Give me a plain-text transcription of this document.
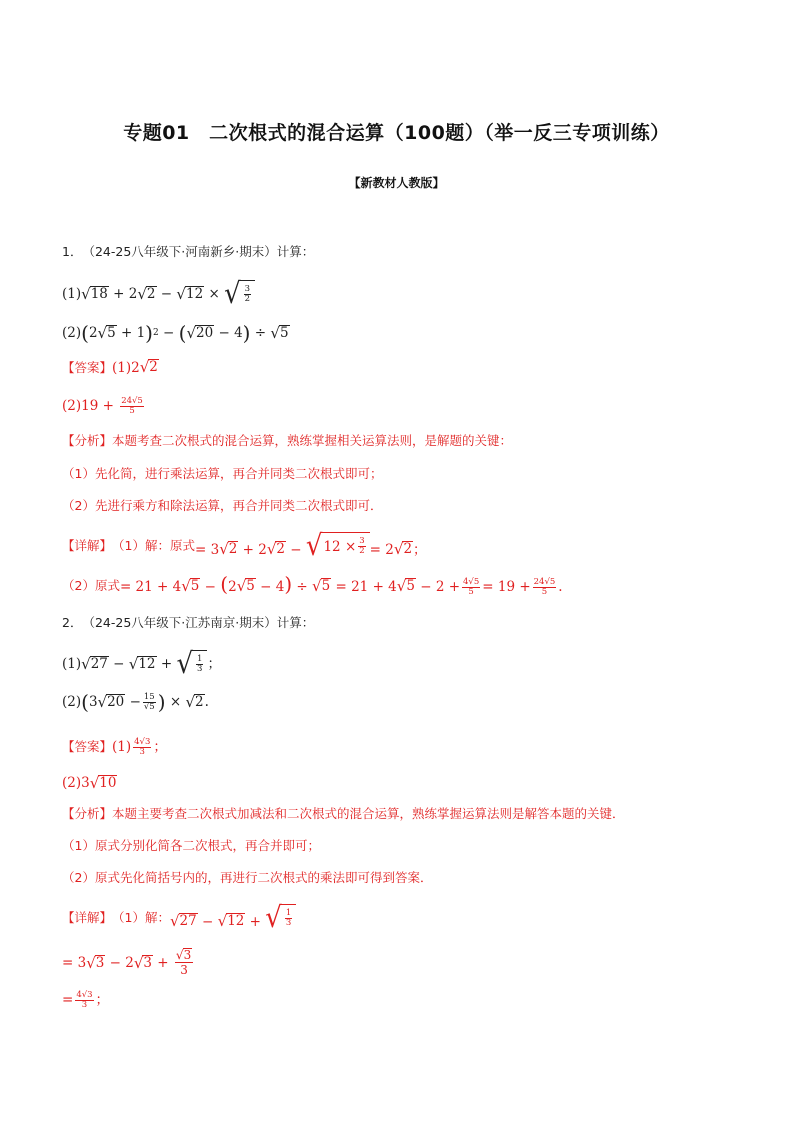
专题01　二次根式的混合运算（100题）（举一反三专项训练）
【新教材人教版】
1． （24-25八年级下·河南新乡·期末）计算：
(1) √ 18 + 2 √ 2 − √ 12 × √ $\frac{3}{2}$
(2) ( 2 √ 5 + 1 ) 2 − ( √ 20 − 4 ) ÷ √ 5
【答案】 (1)2 √ 2
$(2)19 + \frac{24√5}{5}$
【分析】 本题考查二次根式的混合运算，熟练掌握相关运算法则，是解题的关键：
（1）先化简，进行乘法运算，再合并同类二次根式即可；
（2）先进行乘方和除法运算，再合并同类二次根式即可．
【详解】 （1）解：原式 = 3 √ 2 + 2 √ 2 − √ $12 \times \frac{3}{2} = 2$ √ 2 ；
（2）原式 = 21 + 4 √ 5 − (2 √ 5 − 4) ÷ √ 5 = 21 + 4 √ $5 - 2 + \frac{4√5}{5} = 19 + \frac{24√5}{5}$ .
2． （24-25八年级下·江苏南京·期末）计算：
(1) √ 27 − √ 12 + √ $\frac{1}{3}$ ；
(2) ( 3 √ $20 - \frac{15}{√5}$ ) × √ 2 .
【答案】 $(1) \frac{4√3}{3}$ ；
(2)3 √ 10
【分析】 本题主要考查二次根式加减法和二次根式的混合运算，熟练掌握运算法则是解答本题的关键．
（1）原式分别化简各二次根式，再合并即可；
（2）原式先化简括号内的，再进行二次根式的乘法即可得到答案．
【详解】 （1）解： √ 27 − √ 12 + √ $\frac{1}{3}$
= 3 √ 3 − 2 √ $3 + \frac{√ 3}{3}$
= $\frac{4√3}{3}$ ；
